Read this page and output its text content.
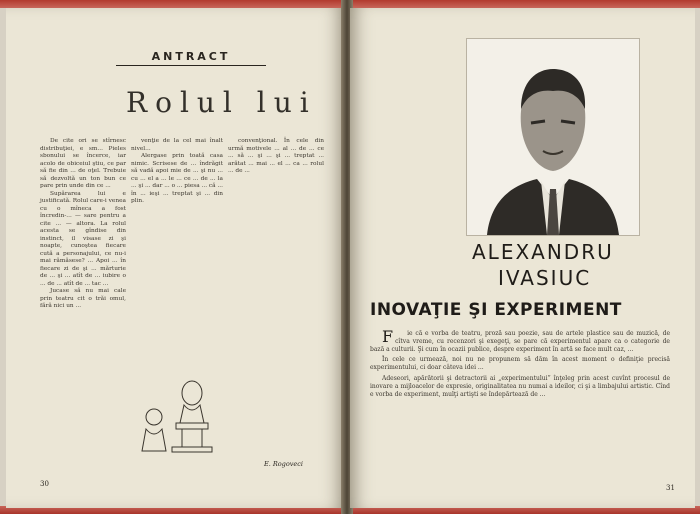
ANTRACT
Rolul lui

De cite ori se stîrnesc distribuţiei, e sm... Pieles sbonului se încerce, iar acolo de obiceiul ştiu, ce par să fie din ... de oţel. Trebuie să dezvoltă un ton bun ce pare prin unde din ce ...

Supărarea lui e justificată. Rolul care-i venea cu o mîneca a fost încredin-... — sare pentru a cite ... — altora. La rolul acesta se gîndise din instinct, il visase zi şi noapte, cunoştea fiecare cută a personajului, ce nu-i mai rămăsese? ... Apoi ... în fiecare zi de şi ... mărturie de ... şi ... atît de ... iubire o ... de ... atît de ... tac ...

Jucase să nu mai cale prin teatru cit o trăi omul, fără nici un ...

venţie de la cel mai înalt nivel...

Alergase prin toată casa nimic. Scrisese de ... îndrăgit să vadă apoi mie de ... şi nu ... cu ... el a ... le ... ce ... de ... la ... şi ... dar ... o ... piesa ... că ... în ... ieşi ... treptat şi ... din plin.

convenţional. În cele din urmă motivele ... al ... de ... ce ... să ... şi ... şi ... treptat ... arătat ... mai ... el ... ca ... rolul ... de ...

E. Rogoveci
30
ALEXANDRU
IVASIUC
INOVAŢIE ŞI EXPERIMENT

F ie că e vorba de teatru, proză sau poezie, sau de artele plastice sau de muzică, de cîtva vreme, cu recenzori şi exegeţi, se pare că experimentul apare ca o categorie de bază a culturii. Şi cum în ocazii publice, despre experiment în artă se face mult caz, ...

În cele ce urmează, noi nu ne propunem să dăm în acest moment o definiţie precisă experimentului, ci doar câteva idei ...

Adeseori, apărătorii şi detractorii ai „experimentului” înţeleg prin acest cuvînt procesul de inovare a mijloacelor de expresie, originalitatea nu numai a ideilor, ci şi a limbajului artistic. Cînd e vorba de experiment, mulţi artişti se îndepărtează de ...

31
